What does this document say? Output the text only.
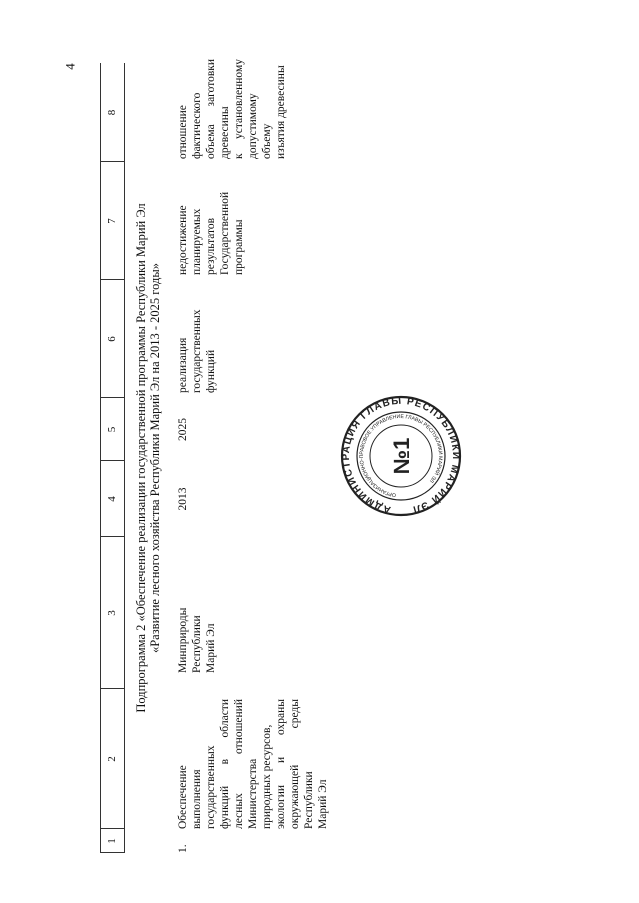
4
1
2
3
4
5
6
7
8
Подпрограмма 2 «Обеспечение реализации государственной программы Республики Марий Эл «Развитие лесного хозяйства Республики Марий Эл на 2013 - 2025 годы»
1.
Обеспечение выполнения государственных функций в области лесных отношений Министерства природных ресурсов, экологии и охраны окружающей среды Республики Марий Эл
Минприроды Республики Марий Эл
2013
2025
реализация государственных функций
недостижение планируемых результатов Государственной программы
отношение фактического объема заготовки древесины к установленному допустимому объему изъятия древесины
АДМИНИСТРАЦИЯ ГЛАВЫ РЕСПУБЛИКИ МАРИЙ ЭЛ
ОРГАНИЗАЦИОННО-ПРАВОВОЕ УПРАВЛЕНИЕ ГЛАВЫ РЕСПУБЛИКИ МАРИЙ ЭЛ
№1
